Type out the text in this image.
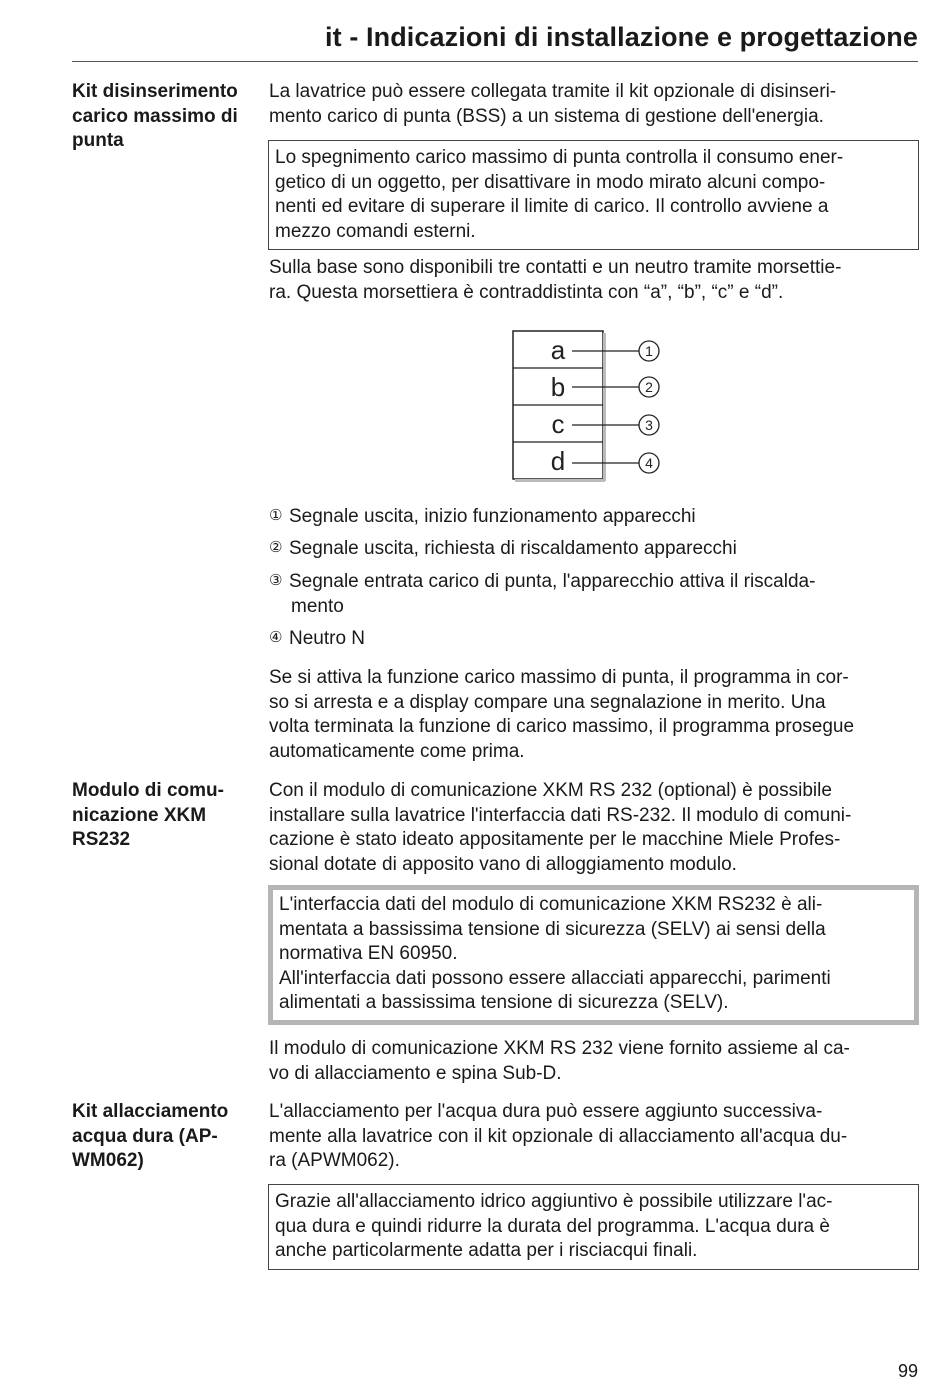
it - Indicazioni di installazione e progettazione

Kit disinserimento

carico massimo di

punta

La lavatrice può essere collegata tramite il kit opzionale di disinseri-

mento carico di punta (BSS) a un sistema di gestione dell'energia.

Lo spegnimento carico massimo di punta controlla il consumo ener-

getico di un oggetto, per disattivare in modo mirato alcuni compo-

nenti ed evitare di superare il limite di carico. Il controllo avviene a

mezzo comandi esterni.

Sulla base sono disponibili tre contatti e un neutro tramite morsettie-

ra. Questa morsettiera è contraddistinta con “a”, “b”, “c” e “d”.

a
b
c
d
1
2
3
4

① Segnale uscita, inizio funzionamento apparecchi

② Segnale uscita, richiesta di riscaldamento apparecchi

③ Segnale entrata carico di punta, l'apparecchio attiva il riscalda-

mento

④ Neutro N

Se si attiva la funzione carico massimo di punta, il programma in cor-

so si arresta e a display compare una segnalazione in merito. Una

volta terminata la funzione di carico massimo, il programma prosegue

automaticamente come prima.

Modulo di comu-

nicazione XKM

RS232

Con il modulo di comunicazione XKM RS 232 (optional) è possibile

installare sulla lavatrice l'interfaccia dati RS-232. Il modulo di comuni-

cazione è stato ideato appositamente per le macchine Miele Profes-

sional dotate di apposito vano di alloggiamento modulo.

L'interfaccia dati del modulo di comunicazione XKM RS232 è ali-

mentata a bassissima tensione di sicurezza (SELV) ai sensi della

normativa EN 60950.

All'interfaccia dati possono essere allacciati apparecchi, parimenti

alimentati a bassissima tensione di sicurezza (SELV).

Il modulo di comunicazione XKM RS 232 viene fornito assieme al ca-

vo di allacciamento e spina Sub-D.

Kit allacciamento

acqua dura (AP-

WM062)

L'allacciamento per l'acqua dura può essere aggiunto successiva-

mente alla lavatrice con il kit opzionale di allacciamento all'acqua du-

ra (APWM062).

Grazie all'allacciamento idrico aggiuntivo è possibile utilizzare l'ac-

qua dura e quindi ridurre la durata del programma. L'acqua dura è

anche particolarmente adatta per i risciacqui finali.

99
